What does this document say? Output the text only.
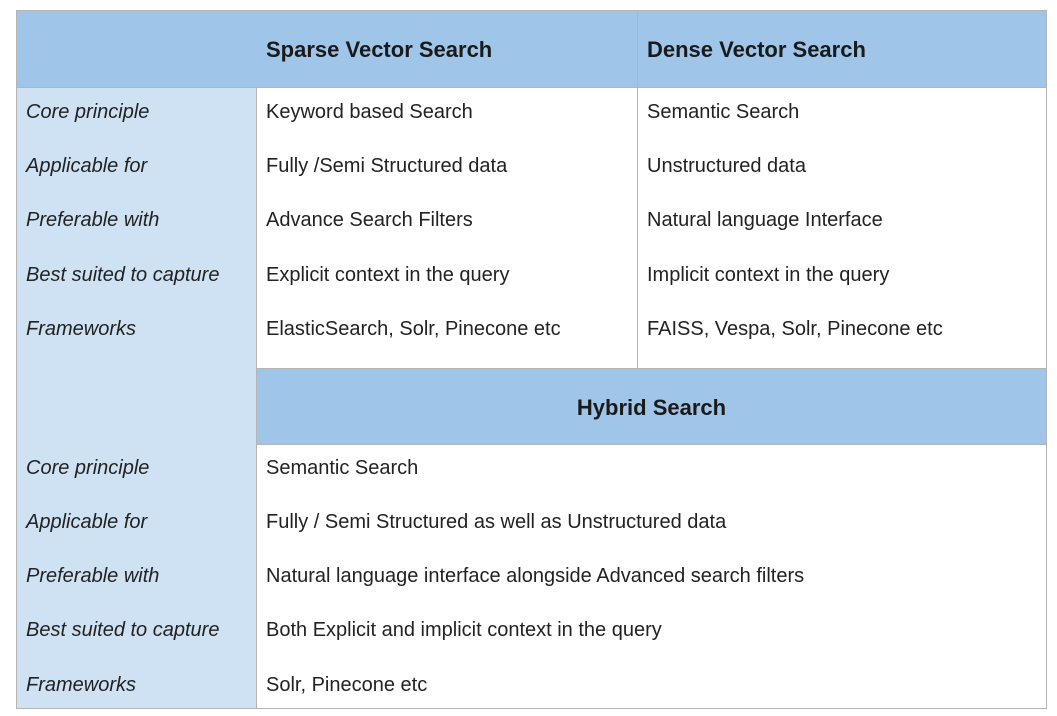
Sparse Vector Search	Dense Vector Search
Keyword based Search
Fully /Semi Structured data
Advance Search Filters
Explicit context in the query
ElasticSearch, Solr, Pinecone etc
Semantic Search
Unstructured data
Natural language Interface
Implicit context in the query
FAISS, Vespa, Solr, Pinecone etc
Hybrid Search
Semantic Search
Fully / Semi Structured as well as Unstructured data
Natural language interface alongside Advanced search filters
Both Explicit and implicit context in the query
Solr, Pinecone etc
Core principle
Applicable for
Preferable with
Best suited to capture
Frameworks
Core principle
Applicable for
Preferable with
Best suited to capture
Frameworks
